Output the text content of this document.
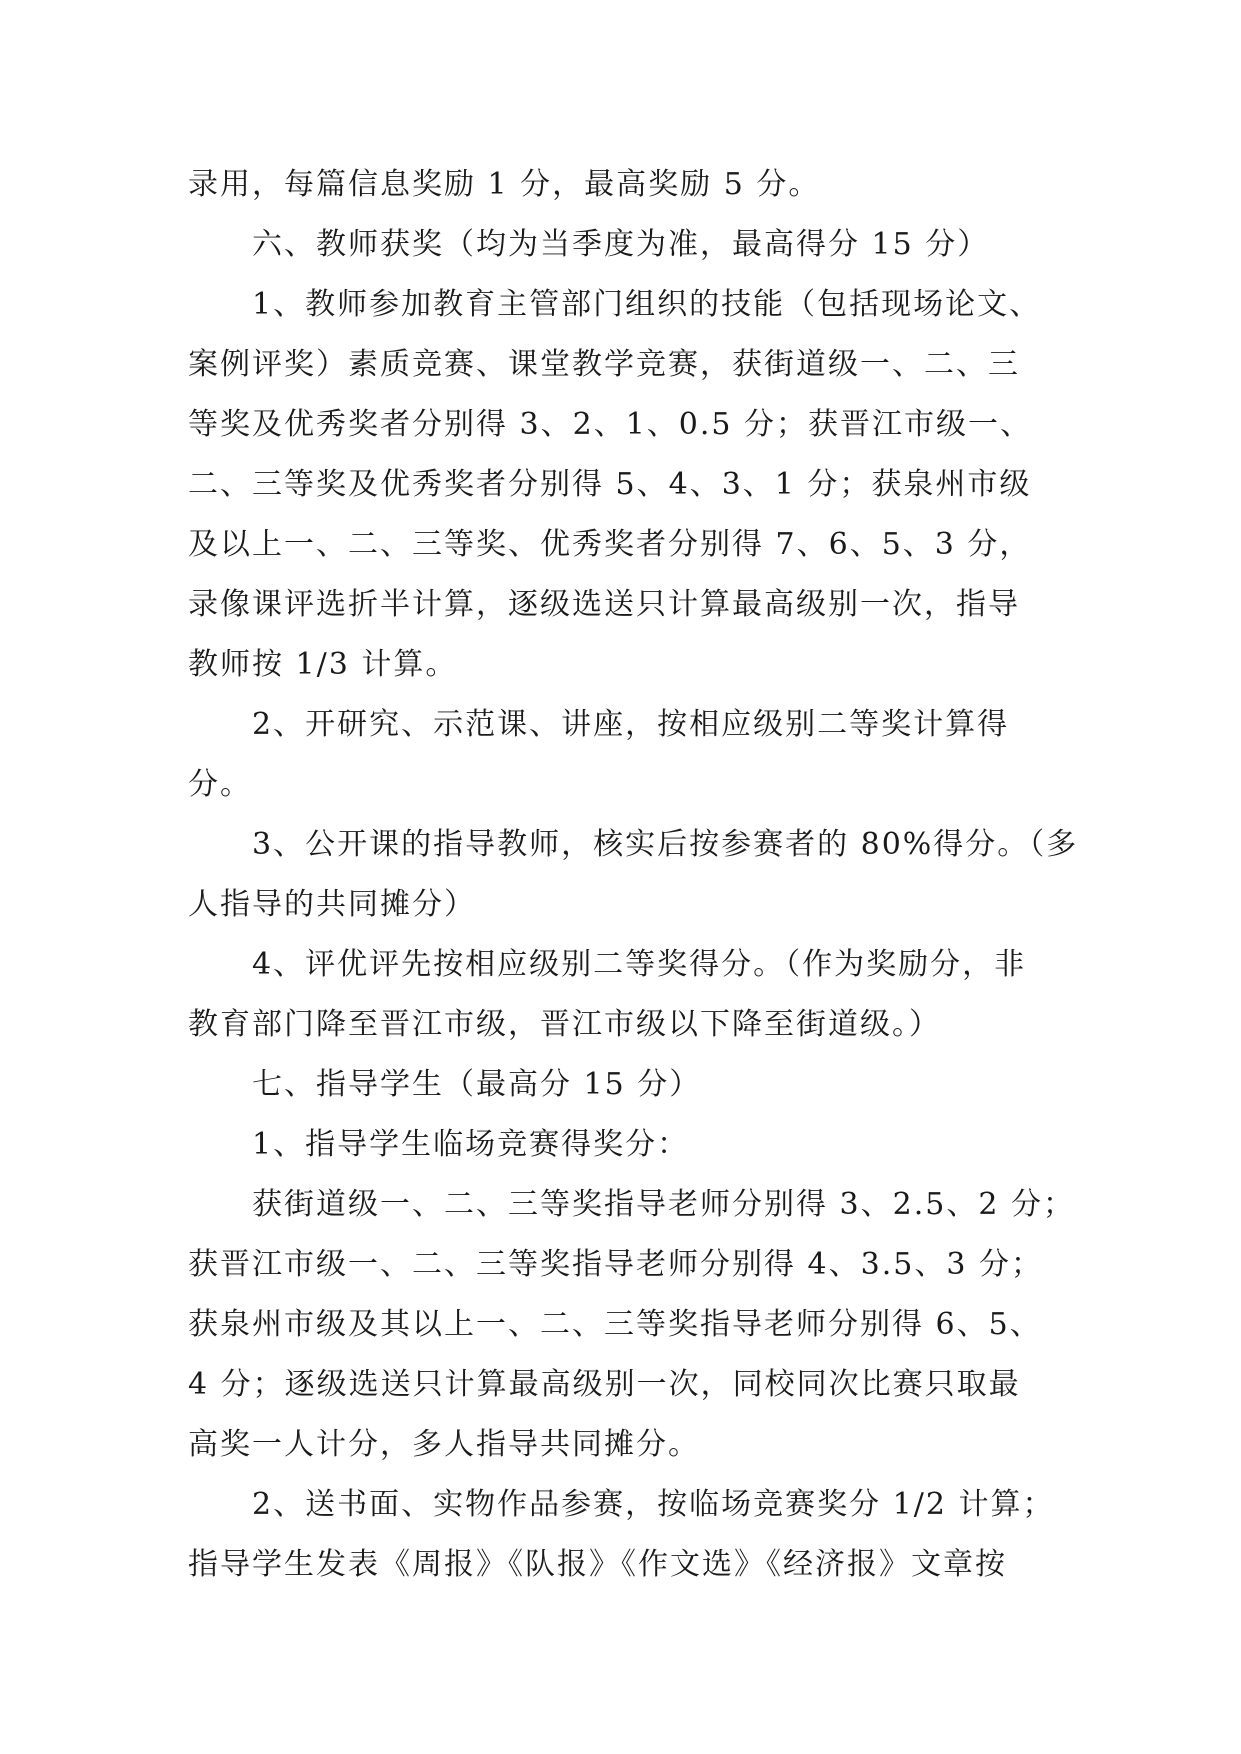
录用，每篇信息奖励 1 分，最高奖励 5 分。
六、教师获奖（均为当季度为准，最高得分 15 分）
1、教师参加教育主管部门组织的技能（包括现场论文、
案例评奖）素质竞赛、课堂教学竞赛，获街道级一、二、三
等奖及优秀奖者分别得 3、2、1、0.5 分；获晋江市级一、
二、三等奖及优秀奖者分别得 5、4、3、1 分；获泉州市级
及以上一、二、三等奖、优秀奖者分别得 7、6、5、3 分，
录像课评选折半计算，逐级选送只计算最高级别一次，指导
教师按 1/3 计算。
2、开研究、示范课、讲座，按相应级别二等奖计算得
分。
3、公开课的指导教师，核实后按参赛者的 80%得分。（多
人指导的共同摊分）
4、评优评先按相应级别二等奖得分。（作为奖励分，非
教育部门降至晋江市级，晋江市级以下降至街道级。）
七、指导学生（最高分 15 分）
1、指导学生临场竞赛得奖分：
获街道级一、二、三等奖指导老师分别得 3、2.5、2 分；
获晋江市级一、二、三等奖指导老师分别得 4、3.5、3 分；
获泉州市级及其以上一、二、三等奖指导老师分别得 6、5、
4 分；逐级选送只计算最高级别一次，同校同次比赛只取最
高奖一人计分，多人指导共同摊分。
2、送书面、实物作品参赛，按临场竞赛奖分 1/2 计算；
指导学生发表《周报》《队报》《作文选》《经济报》文章按
